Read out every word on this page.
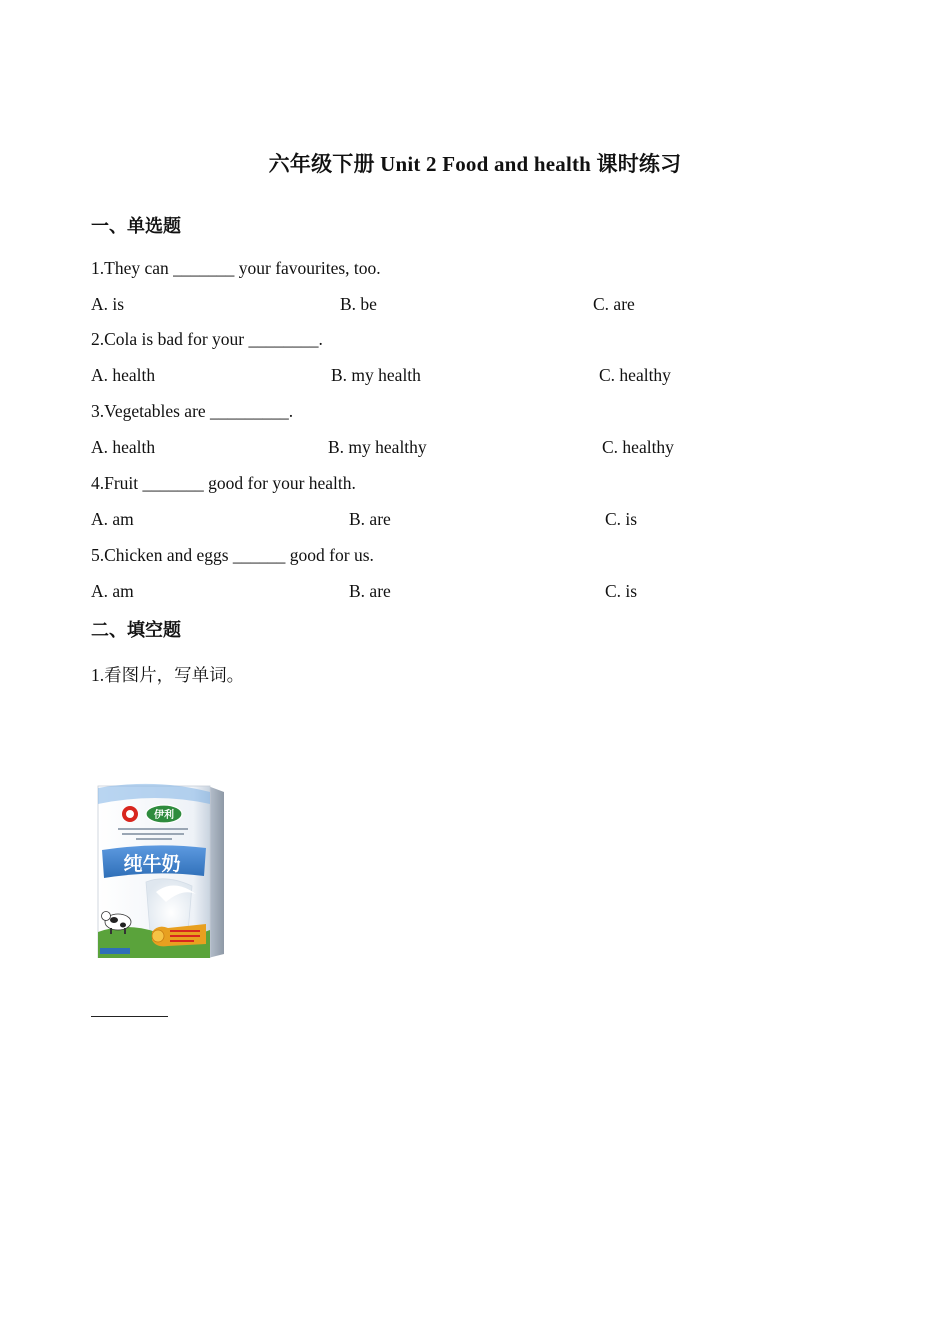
六年级下册 Unit 2 Food and health 课时练习
一、单选题
1.They can _______ your favourites, too.
A. is	B. be	C. are
2.Cola is bad for your ________.
A. health	B. my health	C. healthy
3.Vegetables are _________.
A. health	B. my healthy	C. healthy
4.Fruit _______ good for your health.
A. am	B. are	C. is
5.Chicken and eggs ______ good for us.
A. am	B. are	C. is
二、填空题
1.看图片，写单词。
伊利
纯牛奶
